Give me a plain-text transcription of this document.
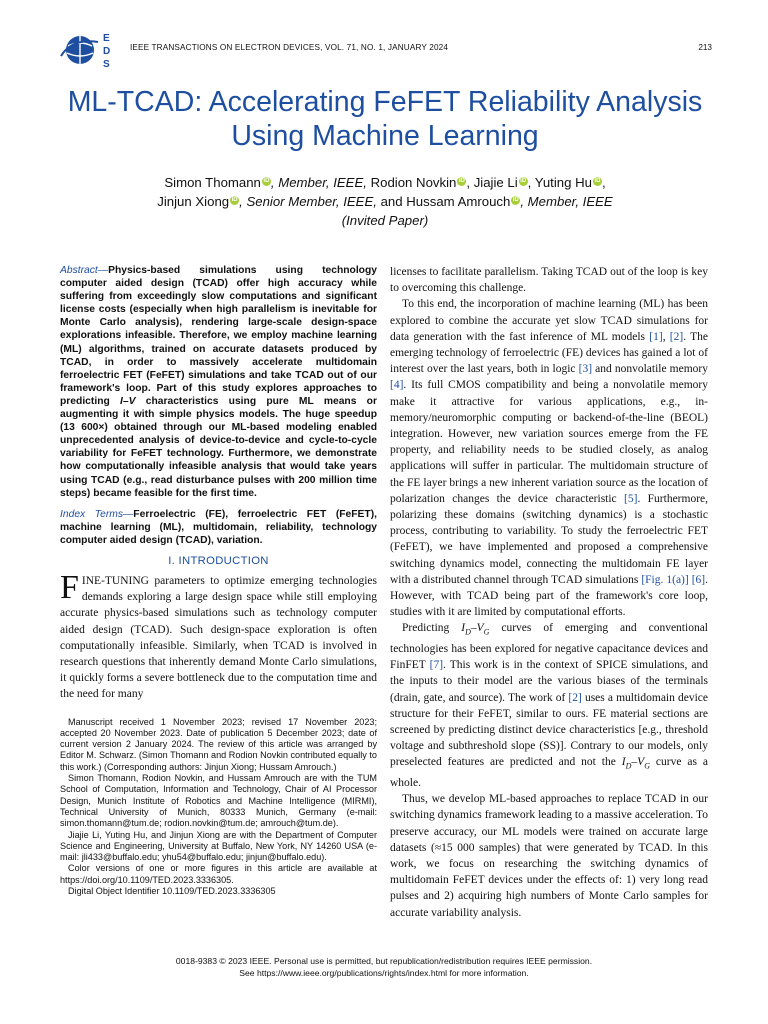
E
D
S
IEEE TRANSACTIONS ON ELECTRON DEVICES, VOL. 71, NO. 1, JANUARY 2024	213
ML-TCAD: Accelerating FeFET Reliability Analysis Using Machine Learning
Simon Thomann iD , Member, IEEE, Rodion Novkin iD , Jiajie Li iD , Yuting Hu iD ,
Jinjun Xiong iD , Senior Member, IEEE, and Hussam Amrouch iD , Member, IEEE
(Invited Paper)

Abstract—Physics-based simulations using technology computer aided design (TCAD) offer high accuracy while suffering from exceedingly slow computations and significant license costs (especially when high parallelism is inevitable for Monte Carlo analysis), rendering large-scale design-space explorations infeasible. Therefore, we employ machine learning (ML) algorithms, trained on accurate datasets produced by TCAD, in order to massively accelerate multidomain ferroelectric FET (FeFET) simulations and take TCAD out of our framework's loop. Part of this study explores approaches to predicting I–V characteristics using pure ML means or augmenting it with simple physics models. The huge speedup (13 600×) obtained through our ML-based modeling enabled unprecedented analysis of device-to-device and cycle-to-cycle variability for FeFET technology. Furthermore, we demonstrate how computationally infeasible analysis that would take years using TCAD (e.g., read disturbance pulses with 200 million time steps) became feasible for the first time.

Index Terms—Ferroelectric (FE), ferroelectric FET (FeFET), machine learning (ML), multidomain, reliability, technology computer aided design (TCAD), variation.

I. INTRODUCTION

FINE-TUNING parameters to optimize emerging technologies demands exploring a large design space while still employing accurate physics-based simulations such as technology computer aided design (TCAD). Such design-space exploration is often computationally infeasible. Similarly, when TCAD is involved in research questions that inherently demand Monte Carlo simulations, it quickly forms a severe bottleneck due to the computation time and the need for many

Manuscript received 1 November 2023; revised 17 November 2023; accepted 20 November 2023. Date of publication 5 December 2023; date of current version 2 January 2024. The review of this article was arranged by Editor M. Schwarz. (Simon Thomann and Rodion Novkin contributed equally to this work.) (Corresponding authors: Jinjun Xiong; Hussam Amrouch.)

Simon Thomann, Rodion Novkin, and Hussam Amrouch are with the TUM School of Computation, Information and Technology, Chair of AI Processor Design, Munich Institute of Robotics and Machine Intelligence (MIRMI), Technical University of Munich, 80333 Munich, Germany (e-mail: simon.thomann@tum.de; rodion.novkin@tum.de; amrouch@tum.de).

Jiajie Li, Yuting Hu, and Jinjun Xiong are with the Department of Computer Science and Engineering, University at Buffalo, New York, NY 14260 USA (e-mail: jli433@buffalo.edu; yhu54@buffalo.edu; jinjun@buffalo.edu).

Color versions of one or more figures in this article are available at https://doi.org/10.1109/TED.2023.3336305.

Digital Object Identifier 10.1109/TED.2023.3336305

licenses to facilitate parallelism. Taking TCAD out of the loop is key to overcoming this challenge.

To this end, the incorporation of machine learning (ML) has been explored to combine the accurate yet slow TCAD simulations for data generation with the fast inference of ML models [1], [2]. The emerging technology of ferroelectric (FE) devices has gained a lot of interest over the last years, both in logic [3] and nonvolatile memory [4]. Its full CMOS compatibility and being a nonvolatile memory make it attractive for various applications, e.g., in-memory/neuromorphic computing or backend-of-the-line (BEOL) integration. However, new variation sources emerge from the FE property, and reliability needs to be studied closely, as analog applications will suffer in particular. The multidomain structure of the FE layer brings a new inherent variation source as the location of polarization changes the device characteristic [5]. Furthermore, polarizing these domains (switching dynamics) is a stochastic process, contributing to variability. To study the ferroelectric FET (FeFET), we have implemented and proposed a comprehensive switching dynamics model, connecting the multidomain FE layer with a distributed channel through TCAD simulations [Fig. 1(a)] [6]. However, with TCAD being part of the framework's core loop, studies with it are limited by computational efforts.

Predicting $I_D-V_G$ curves of emerging and conventional technologies has been explored for negative capacitance devices and FinFET [7]. This work is in the context of SPICE simulations, and the inputs to their model are the various biases of the terminals (drain, gate, and source). The work of [2] uses a multidomain device structure for their FeFET, similar to ours. FE material sections are screened by predicting distinct device characteristics [e.g., threshold voltage and subthreshold slope (SS)]. Contrary to our models, only preselected features are predicted and not the $I_D-V_G$ curve as a whole.

Thus, we develop ML-based approaches to replace TCAD in our switching dynamics framework leading to a massive acceleration. To preserve accuracy, our ML models were trained on accurate large datasets (≈15 000 samples) that were generated by TCAD. In this work, we focus on researching the switching dynamics of multidomain FeFET devices under the effects of: 1) very long read pulses and 2) acquiring high numbers of Monte Carlo samples for accurate variability analysis.

0018-9383 © 2023 IEEE. Personal use is permitted, but republication/redistribution requires IEEE permission.
See https://www.ieee.org/publications/rights/index.html for more information.
